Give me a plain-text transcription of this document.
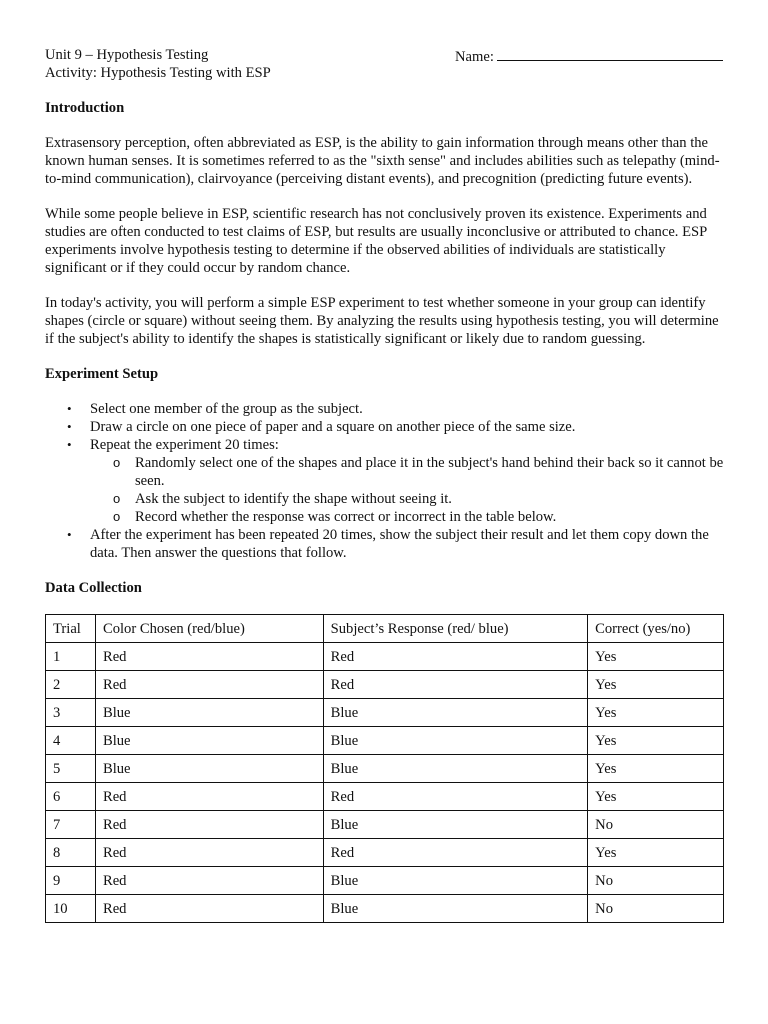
Unit 9 – Hypothesis Testing
Activity: Hypothesis Testing with ESP
Name:
Introduction
Extrasensory perception, often abbreviated as ESP, is the ability to gain information through means other than the known human senses. It is sometimes referred to as the "sixth sense" and includes abilities such as telepathy (mind-to-mind communication), clairvoyance (perceiving distant events), and precognition (predicting future events).
While some people believe in ESP, scientific research has not conclusively proven its existence. Experiments and studies are often conducted to test claims of ESP, but results are usually inconclusive or attributed to chance. ESP experiments involve hypothesis testing to determine if the observed abilities of individuals are statistically significant or if they could occur by random chance.
In today's activity, you will perform a simple ESP experiment to test whether someone in your group can identify shapes (circle or square) without seeing them. By analyzing the results using hypothesis testing, you will determine if the subject's ability to identify the shapes is statistically significant or likely due to random guessing.
Experiment Setup
• Select one member of the group as the subject.
• Draw a circle on one piece of paper and a square on another piece of the same size.
• Repeat the experiment 20 times:
o Randomly select one of the shapes and place it in the subject's hand behind their back so it cannot be seen.
o Ask the subject to identify the shape without seeing it.
o Record whether the response was correct or incorrect in the table below.
• After the experiment has been repeated 20 times, show the subject their result and let them copy down the data. Then answer the questions that follow.
Data Collection
Trial	Color Chosen (red/blue)	Subject’s Response (red/ blue)	Correct (yes/no)
1	Red	Red	Yes
2	Red	Red	Yes
3	Blue	Blue	Yes
4	Blue	Blue	Yes
5	Blue	Blue	Yes
6	Red	Red	Yes
7	Red	Blue	No
8	Red	Red	Yes
9	Red	Blue	No
10	Red	Blue	No
